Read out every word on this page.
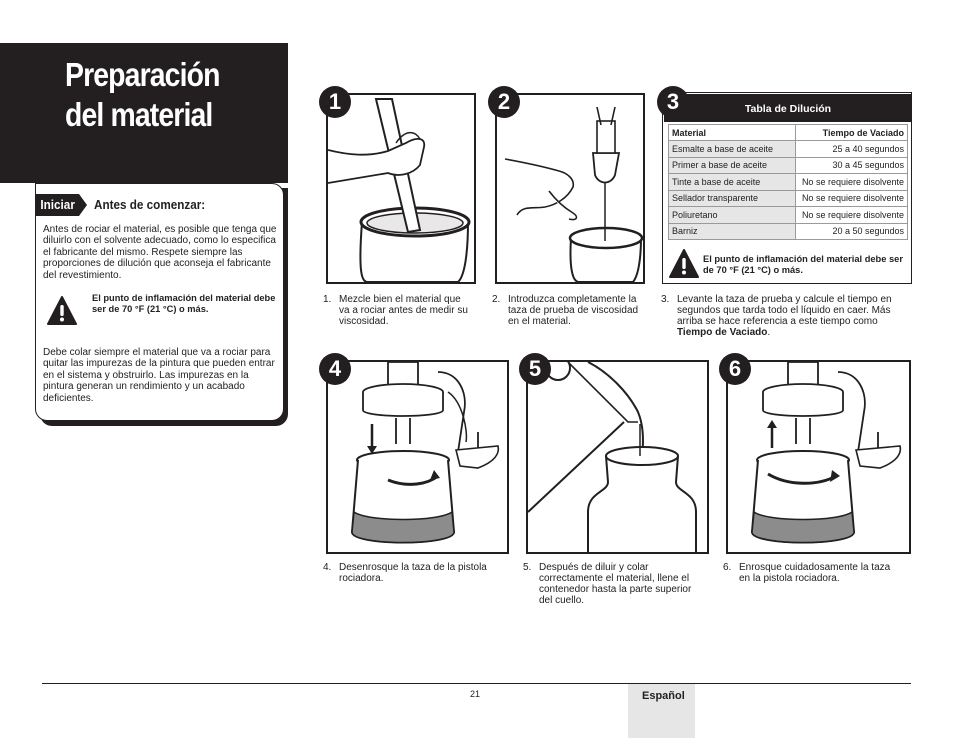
Preparación
del material
Iniciar	Antes de comenzar:
Antes de rociar el material, es posible que tenga que diluirlo con el solvente adecuado, como lo especifica el fabricante del mismo. Respete siempre las proporciones de dilución que aconseja el fabricante del revestimiento.
El punto de inflamación del material debe ser de 70 °F (21 °C) o más.
Debe colar siempre el material que va a rociar para quitar las impurezas de la pintura que pueden entrar en el sistema y obstruirlo. Las impurezas en la pintura generan un rendimiento y un acabado deficientes.
1
1. Mezcle bien el material que va a rociar antes de medir su viscosidad.
2
2. Introduzca completamente la taza de prueba de viscosidad en el material.
Tabla de Dilución
Material	Tiempo de Vaciado
Esmalte a base de aceite	25 a 40 segundos
Primer a base de aceite	30 a 45 segundos
Tinte a base de aceite	No se requiere disolvente
Sellador transparente	No se requiere disolvente
Poliuretano	No se requiere disolvente
Barniz	20 a 50 segundos
El punto de inflamación del material debe ser de 70 °F (21 °C) o más.
3
3. Levante la taza de prueba y calcule el tiempo en segundos que tarda todo el líquido en caer. Más arriba se hace referencia a este tiempo como Tiempo de Vaciado.
4
4. Desenrosque la taza de la pistola rociadora.
5
5. Después de diluir y colar correctamente el material, llene el contenedor hasta la parte superior del cuello.
6
6. Enrosque cuidadosamente la taza en la pistola rociadora.
21	Español
